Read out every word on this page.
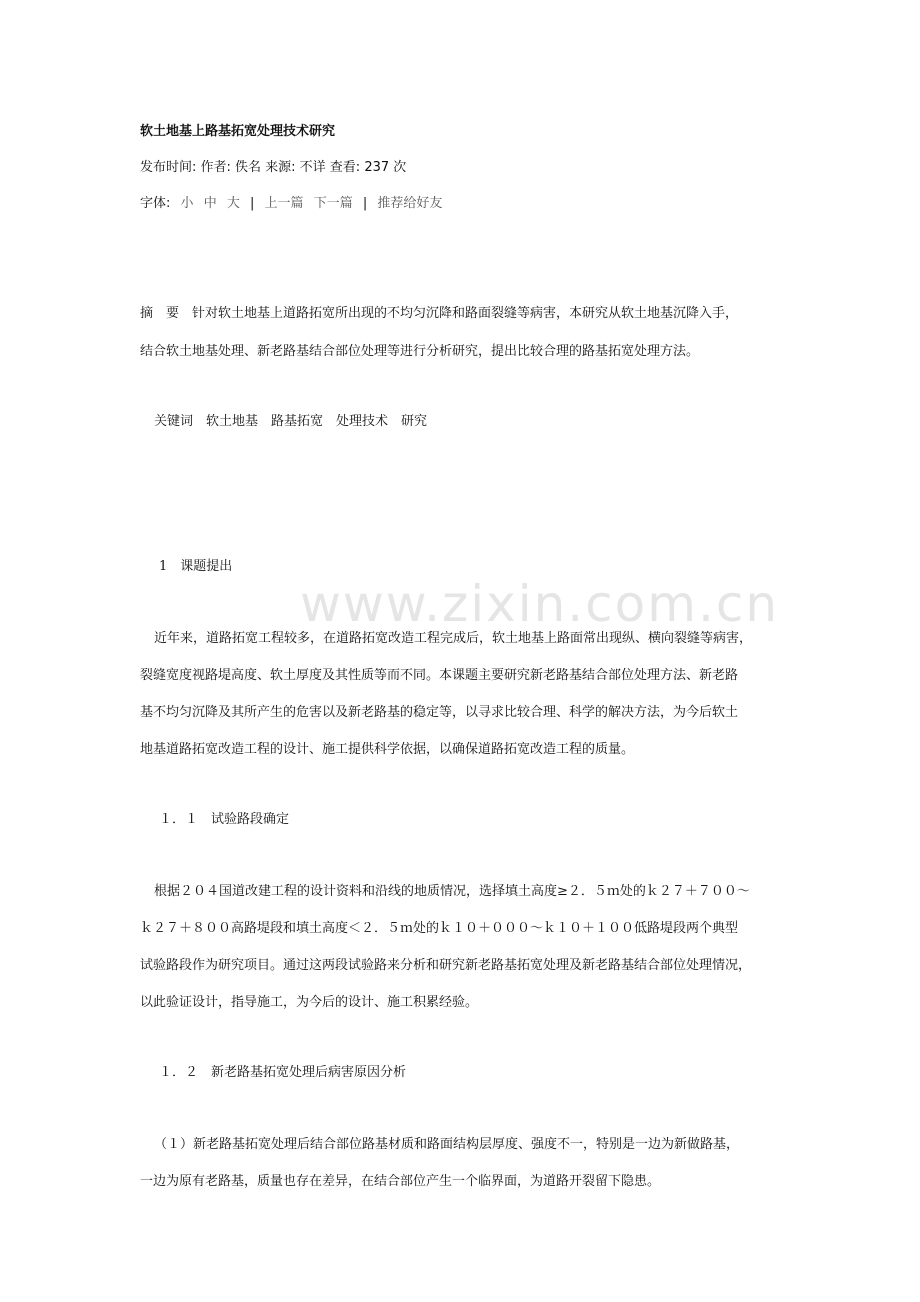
www.zixin.com.cn
软土地基上路基拓宽处理技术研究
发布时间: 作者: 佚名 来源: 不详 查看: 237 次
字体: 小 中 大 | 上一篇 下一篇 | 推荐给好友
摘　要　针对软土地基上道路拓宽所出现的不均匀沉降和路面裂缝等病害，本研究从软土地基沉降入手，
结合软土地基处理、新老路基结合部位处理等进行分析研究，提出比较合理的路基拓宽处理方法。
关键词　软土地基　路基拓宽　处理技术　研究
1　课题提出
近年来，道路拓宽工程较多，在道路拓宽改造工程完成后，软土地基上路面常出现纵、横向裂缝等病害，
裂缝宽度视路堤高度、软土厚度及其性质等而不同。本课题主要研究新老路基结合部位处理方法、新老路
基不均匀沉降及其所产生的危害以及新老路基的稳定等，以寻求比较合理、科学的解决方法，为今后软土
地基道路拓宽改造工程的设计、施工提供科学依据，以确保道路拓宽改造工程的质量。
１．１　试验路段确定
根据２０４国道改建工程的设计资料和沿线的地质情况，选择填土高度≥２．５ｍ处的ｋ２７＋７００～
ｋ２７＋８００高路堤段和填土高度＜２．５ｍ处的ｋ１０＋０００～ｋ１０＋１００低路堤段两个典型
试验路段作为研究项目。通过这两段试验路来分析和研究新老路基拓宽处理及新老路基结合部位处理情况，
以此验证设计，指导施工，为今后的设计、施工积累经验。
１．２　新老路基拓宽处理后病害原因分析
（１）新老路基拓宽处理后结合部位路基材质和路面结构层厚度、强度不一，特别是一边为新做路基，
一边为原有老路基，质量也存在差异，在结合部位产生一个临界面，为道路开裂留下隐患。
